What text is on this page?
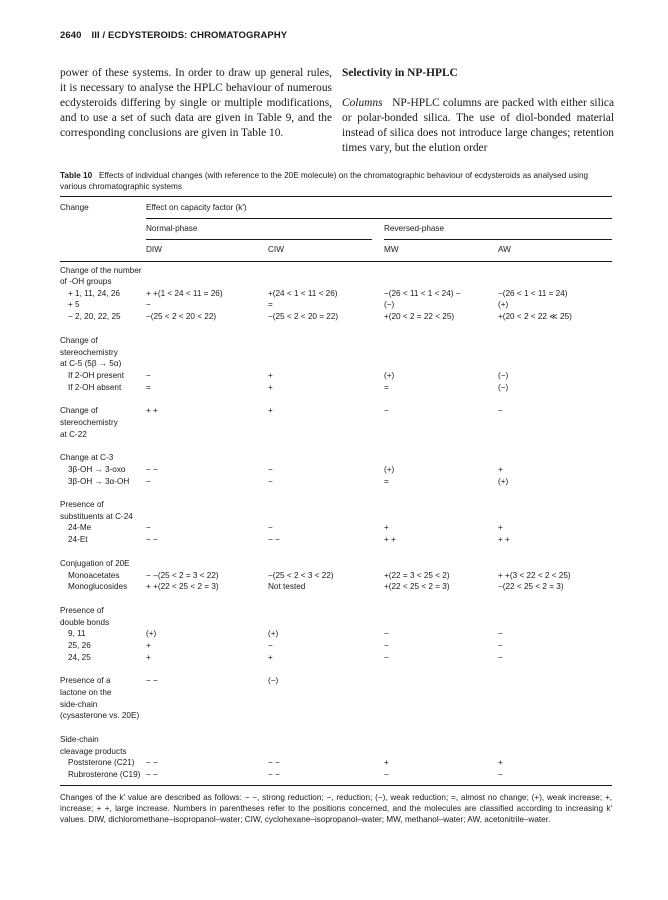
2640 III / ECDYSTEROIDS: CHROMATOGRAPHY

power of these systems. In order to draw up general rules, it is necessary to analyse the HPLC behaviour of numerous ecdysteroids differing by single or multiple modifications, and to use a set of such data are given in Table 9, and the corresponding conclusions are given in Table 10.

Selectivity in NP-HPLC

Columns NP-HPLC columns are packed with either silica or polar-bonded silica. The use of diol-bonded material instead of silica does not introduce large changes; retention times vary, but the elution order

Table 10 Effects of individual changes (with reference to the 20E molecule) on the chromatographic behaviour of ecdysteroids as analysed using various chromatographic systems
Change	Effect on capacity factor (k')
Normal-phase	Reversed-phase
DIW	CIW	MW	AW
Change of the number
of -OH groups
+ 1, 11, 24, 26	+ +(1 < 24 < 11 = 26)	+(24 < 1 < 11 < 26)	−(26 < 11 < 1 < 24) −	−(26 < 1 < 11 = 24)
+ 5	−	=	(−)	(+)
− 2, 20, 22, 25	−(25 < 2 < 20 < 22)	−(25 < 2 < 20 = 22)	+(20 < 2 = 22 < 25)	+(20 < 2 < 22 ≪ 25)
Change of
stereochemistry
at C-5 (5β → 5α)
If 2-OH present	−	+	(+)	(−)
If 2-OH absent	=	+	=	(−)
Change of	+ +	+	−	−
stereochemistry
at C-22
Change at C-3
3β-OH → 3-oxo	− −	−	(+)	+
3β-OH → 3α-OH −	−	=	(+)
Presence of
substituents at C-24
24-Me	−	−	+	+
24-Et	− −	− −	+ +	+ +
Conjugation of 20E
Monoacetates	− −(25 < 2 = 3 < 22)	−(25 < 2 < 3 < 22)	+(22 = 3 < 25 < 2)	+ +(3 < 22 < 2 < 25)
Monoglucosides + +(22 < 25 < 2 = 3)	Not tested	+(22 < 25 < 2 = 3)	−(22 < 25 < 2 = 3)
Presence of
double bonds
9, 11	(+)	(+)	−	−
25, 26	+	−	−	−
24, 25	+	+	−	−
Presence of a	− −	(−)
lactone on the
side-chain
(cysasterone vs. 20E)
Side-chain
cleavage products
Poststerone (C21) − −	− −	+	+
Rubrosterone (C19) − −	− −	−	−
Changes of the k′ value are described as follows: − −, strong reduction; −, reduction; (−), weak reduction; =, almost no change; (+), weak increase; +, increase; + +, large increase. Numbers in parentheses refer to the positions concerned, and the molecules are classified according to increasing k′ values. DIW, dichloromethane–isopropanol–water; CIW, cyclohexane–isopropanol–water; MW, methanol–water; AW, acetonitrile–water.
